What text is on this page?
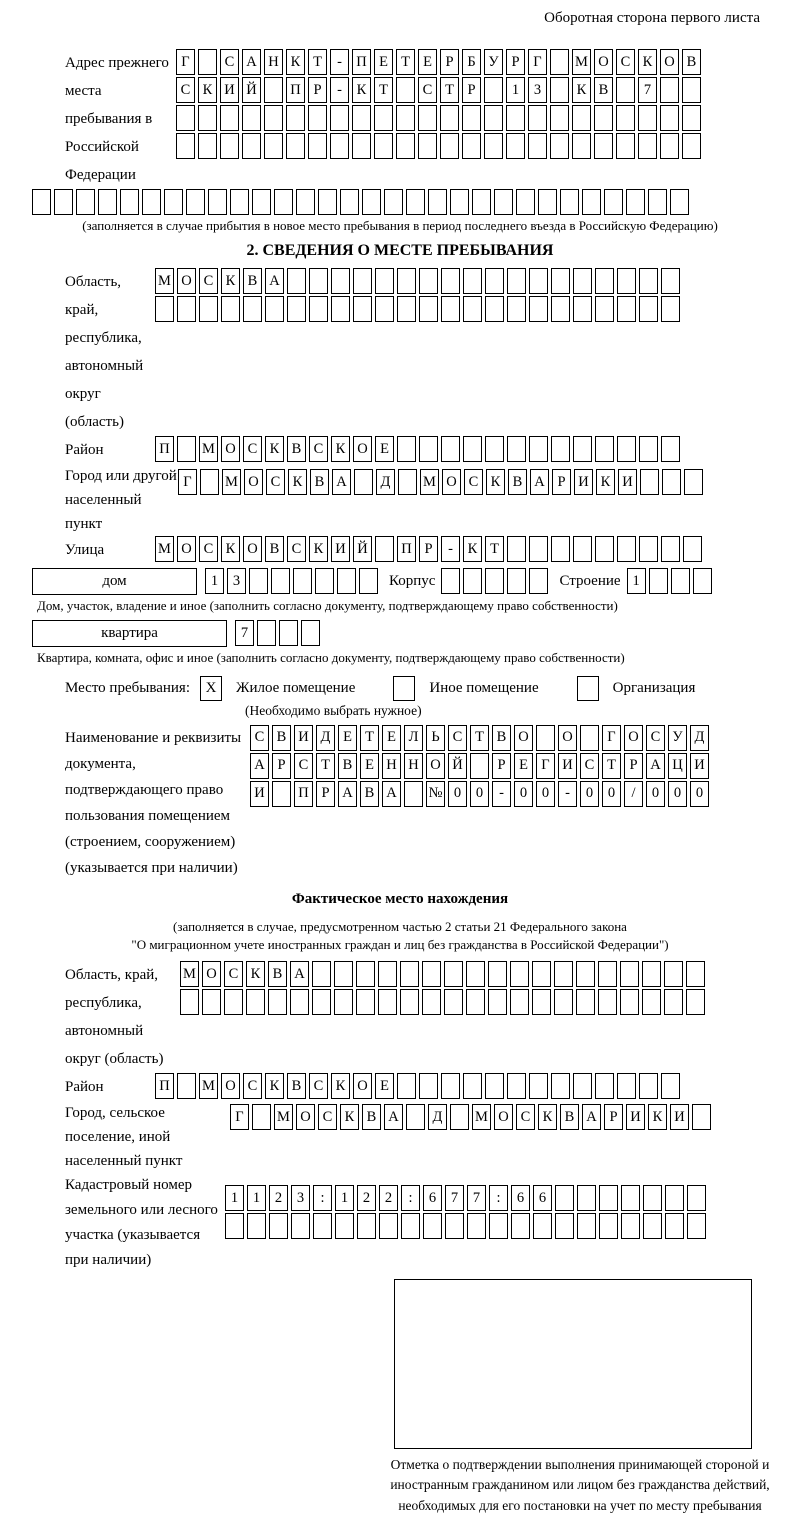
Оборотная сторона первого листа
Адрес прежнего места пребывания в Российской Федерации
Г	С А Н К Т	- П Е Т Е Р Б У Р Г	М О С К О В
С К И Й П Р	-	К Т	С Т Р	1	3	К В	7
(заполняется в случае прибытия в новое место пребывания в период последнего въезда в Российскую Федерацию)
2. СВЕДЕНИЯ О МЕСТЕ ПРЕБЫВАНИЯ
Область, край, республика, автономный округ (область)
М О С К В А
Район	П М О С К В С К О Е
Город или другой населенный пункт
Г	М О С К В А	Д	М О С К В А Р И К И
Улица	М О С К О В С К И Й П Р	-	К Т
дом	1	3	Корпус	Строение 1
Дом, участок, владение и иное (заполнить согласно документу, подтверждающему право собственности)
квартира	7
Квартира, комната, офис и иное (заполнить согласно документу, подтверждающему право собственности)
Место пребывания:	X	Жилое помещение	Иное помещение	Организация
(Необходимо выбрать нужное)
Наименование и реквизиты документа, подтверждающего право пользования помещением (строением, сооружением) (указывается при наличии)
С В И Д Е Т Е Л Ь С Т В О О	Г О С У Д
А Р С Т В Е Н Н О Й	Р Е Г И С Т Р А Ц И
И П Р А В А № 0	0	-	0	0	-	0	0	/	0	0	0
Фактическое место нахождения
(заполняется в случае, предусмотренном частью 2 статьи 21 Федерального закона
"О миграционном учете иностранных граждан и лиц без гражданства в Российской Федерации")
Область, край, республика, автономный округ (область)
М О С К В А
Район	П М О С К В С К О Е
Город, сельское поселение, иной населенный пункт
Г	М О С К В А	Д	М О С К В А Р И К И
Кадастровый номер земельного или лесного участка (указывается при наличии)
1	1	2	3	:	1	2	2	:	6	7	7	:	6	6
Отметка о подтверждении выполнения принимающей стороной и иностранным гражданином или лицом без гражданства действий, необходимых для его постановки на учет по месту пребывания
